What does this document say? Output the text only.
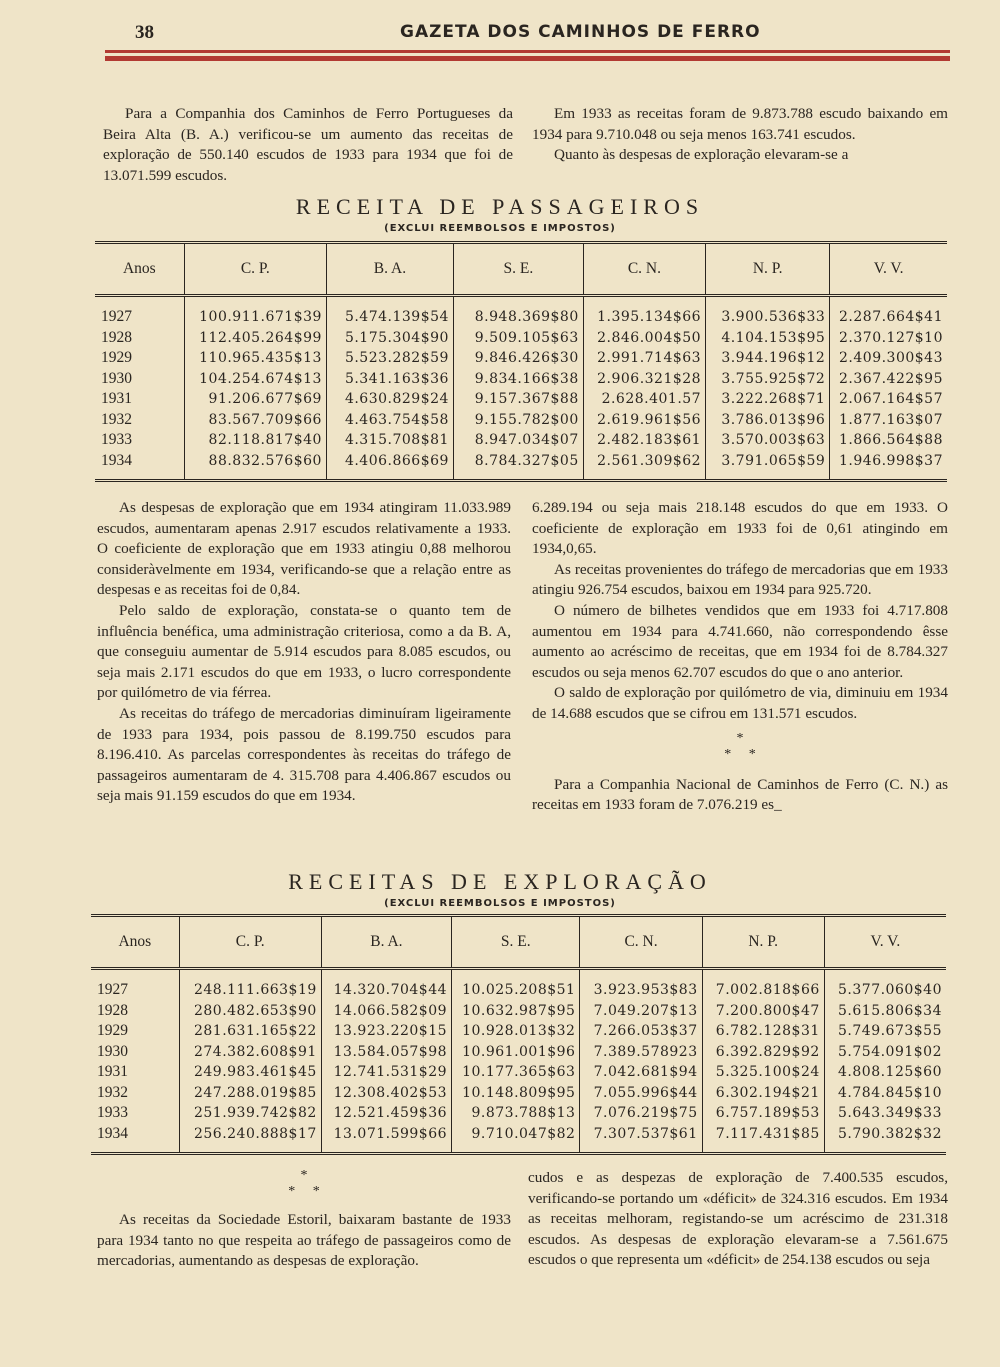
38	GAZETA DOS CAMINHOS DE FERRO

Para a Companhia dos Caminhos de Ferro Portugueses da Beira Alta (B. A.) verificou-se um aumento das receitas de exploração de 550.140 escudos de 1933 para 1934 que foi de 13.071.599 escudos.

Em 1933 as receitas foram de 9.873.788 escudo baixando em 1934 para 9.710.048 ou seja menos 163.741 escudos.

Quanto às despesas de exploração elevaram-se a

RECEITA DE PASSAGEIROS
(EXCLUI REEMBOLSOS E IMPOSTOS)
Anos	C. P.	B. A.	S. E.	C. N.	N. P.	V. V.
1927	100.911.671$39	5.474.139$54	8.948.369$80	1.395.134$66	3.900.536$33	2.287.664$41
1928	112.405.264$99	5.175.304$90	9.509.105$63	2.846.004$50	4.104.153$95	2.370.127$10
1929	110.965.435$13	5.523.282$59	9.846.426$30	2.991.714$63	3.944.196$12	2.409.300$43
1930	104.254.674$13	5.341.163$36	9.834.166$38	2.906.321$28	3.755.925$72	2.367.422$95
1931	91.206.677$69	4.630.829$24	9.157.367$88	2.628.401.57	3.222.268$71	2.067.164$57
1932	83.567.709$66	4.463.754$58	9.155.782$00	2.619.961$56	3.786.013$96	1.877.163$07
1933	82.118.817$40	4.315.708$81	8.947.034$07	2.482.183$61	3.570.003$63	1.866.564$88
1934	88.832.576$60	4.406.866$69	8.784.327$05	2.561.309$62	3.791.065$59	1.946.998$37

As despesas de exploração que em 1934 atingiram 11.033.989 escudos, aumentaram apenas 2.917 escudos relativamente a 1933. O coeficiente de exploração que em 1933 atingiu 0,88 melhorou consideràvelmente em 1934, verificando-se que a relação entre as despesas e as receitas foi de 0,84.

Pelo saldo de exploração, constata-se o quanto tem de influência benéfica, uma administração criteriosa, como a da B. A, que conseguiu aumentar de 5.914 escudos para 8.085 escudos, ou seja mais 2.171 escudos do que em 1933, o lucro correspondente por quilómetro de via férrea.

As receitas do tráfego de mercadorias diminuíram ligeiramente de 1933 para 1934, pois passou de 8.199.750 escudos para 8.196.410. As parcelas correspondentes às receitas do tráfego de passageiros aumentaram de 4. 315.708 para 4.406.867 escudos ou seja mais 91.159 escudos do que em 1934.

6.289.194 ou seja mais 218.148 escudos do que em 1933. O coeficiente de exploração em 1933 foi de 0,61 atingindo em 1934,0,65.

As receitas provenientes do tráfego de mercadorias que em 1933 atingiu 926.754 escudos, baixou em 1934 para 925.720.

O número de bilhetes vendidos que em 1933 foi 4.717.808 aumentou em 1934 para 4.741.660, não correspondendo êsse aumento ao acréscimo de receitas, que em 1934 foi de 8.784.327 escudos ou seja menos 62.707 escudos do que o ano anterior.

O saldo de exploração por quilómetro de via, diminuiu em 1934 de 14.688 escudos que se cifrou em 131.571 escudos.

*
*     *

Para a Companhia Nacional de Caminhos de Ferro (C. N.) as receitas em 1933 foram de 7.076.219 es_

RECEITAS DE EXPLORAÇÃO
(EXCLUI REEMBOLSOS E IMPOSTOS)
Anos	C. P.	B. A.	S. E.	C. N.	N. P.	V. V.
1927	248.111.663$19	14.320.704$44	10.025.208$51	3.923.953$83	7.002.818$66	5.377.060$40
1928	280.482.653$90	14.066.582$09	10.632.987$95	7.049.207$13	7.200.800$47	5.615.806$34
1929	281.631.165$22	13.923.220$15	10.928.013$32	7.266.053$37	6.782.128$31	5.749.673$55
1930	274.382.608$91	13.584.057$98	10.961.001$96	7.389.578923	6.392.829$92	5.754.091$02
1931	249.983.461$45	12.741.531$29	10.177.365$63	7.042.681$94	5.325.100$24	4.808.125$60
1932	247.288.019$85	12.308.402$53	10.148.809$95	7.055.996$44	6.302.194$21	4.784.845$10
1933	251.939.742$82	12.521.459$36	9.873.788$13	7.076.219$75	6.757.189$53	5.643.349$33
1934	256.240.888$17	13.071.599$66	9.710.047$82	7.307.537$61	7.117.431$85	5.790.382$32
*
*     *

As receitas da Sociedade Estoril, baixaram bastante de 1933 para 1934 tanto no que respeita ao tráfego de passageiros como de mercadorias, aumentando as despesas de exploração.

cudos e as despezas de exploração de 7.400.535 escudos, verificando-se portando um «déficit» de 324.316 escudos. Em 1934 as receitas melhoram, registando-se um acréscimo de 231.318 escudos. As despesas de exploração elevaram-se a 7.561.675 escudos o que representa um «déficit» de 254.138 escudos ou seja
